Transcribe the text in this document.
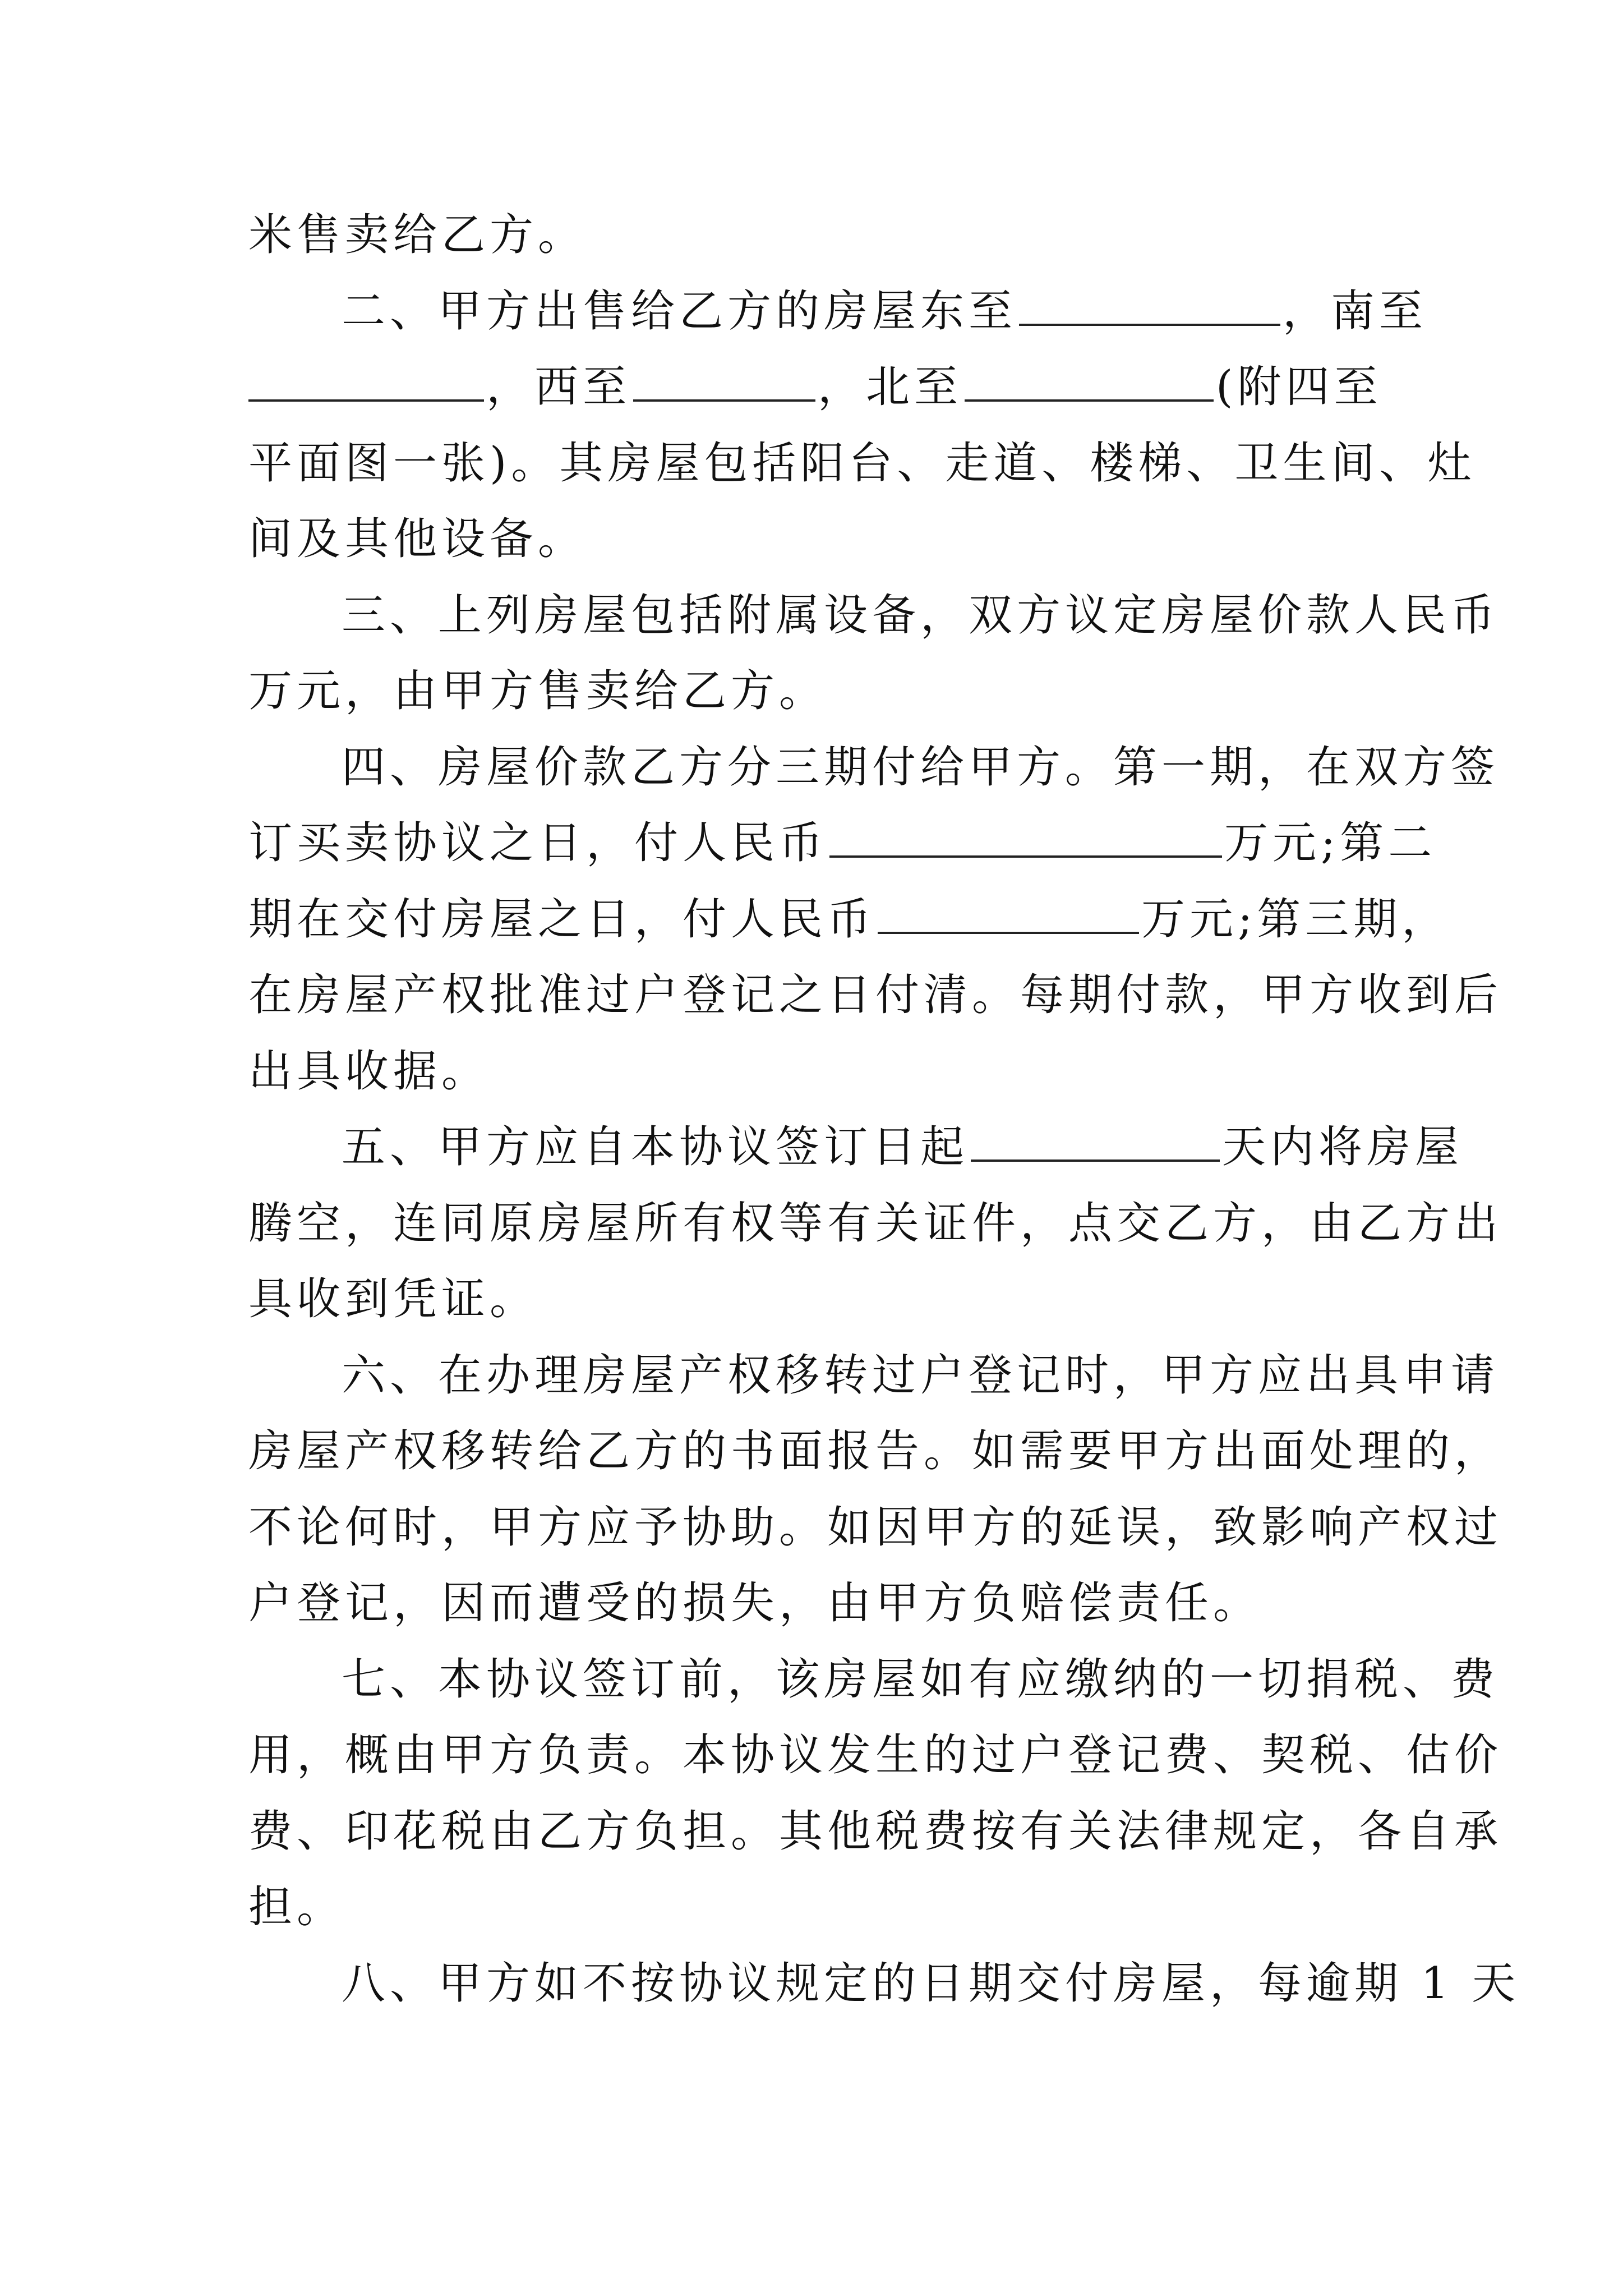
米售卖给乙方。
二、甲方出售给乙方的房屋东至	，南至
，西至	，北至	(附四至
平面图一张)。其房屋包括阳台、走道、楼梯、卫生间、灶
间及其他设备。
三、上列房屋包括附属设备，双方议定房屋价款人民币
万元，由甲方售卖给乙方。
四、房屋价款乙方分三期付给甲方。第一期，在双方签
订买卖协议之日，付人民币	万元;第二
期在交付房屋之日，付人民币	万元;第三期，
在房屋产权批准过户登记之日付清。每期付款，甲方收到后
出具收据。
五、甲方应自本协议签订日起	天内将房屋
腾空，连同原房屋所有权等有关证件，点交乙方，由乙方出
具收到凭证。
六、在办理房屋产权移转过户登记时，甲方应出具申请
房屋产权移转给乙方的书面报告。如需要甲方出面处理的，
不论何时，甲方应予协助。如因甲方的延误，致影响产权过
户登记，因而遭受的损失，由甲方负赔偿责任。
七、本协议签订前，该房屋如有应缴纳的一切捐税、费
用，概由甲方负责。本协议发生的过户登记费、契税、估价
费、印花税由乙方负担。其他税费按有关法律规定，各自承
担。
八、甲方如不按协议规定的日期交付房屋，每逾期 1 天
